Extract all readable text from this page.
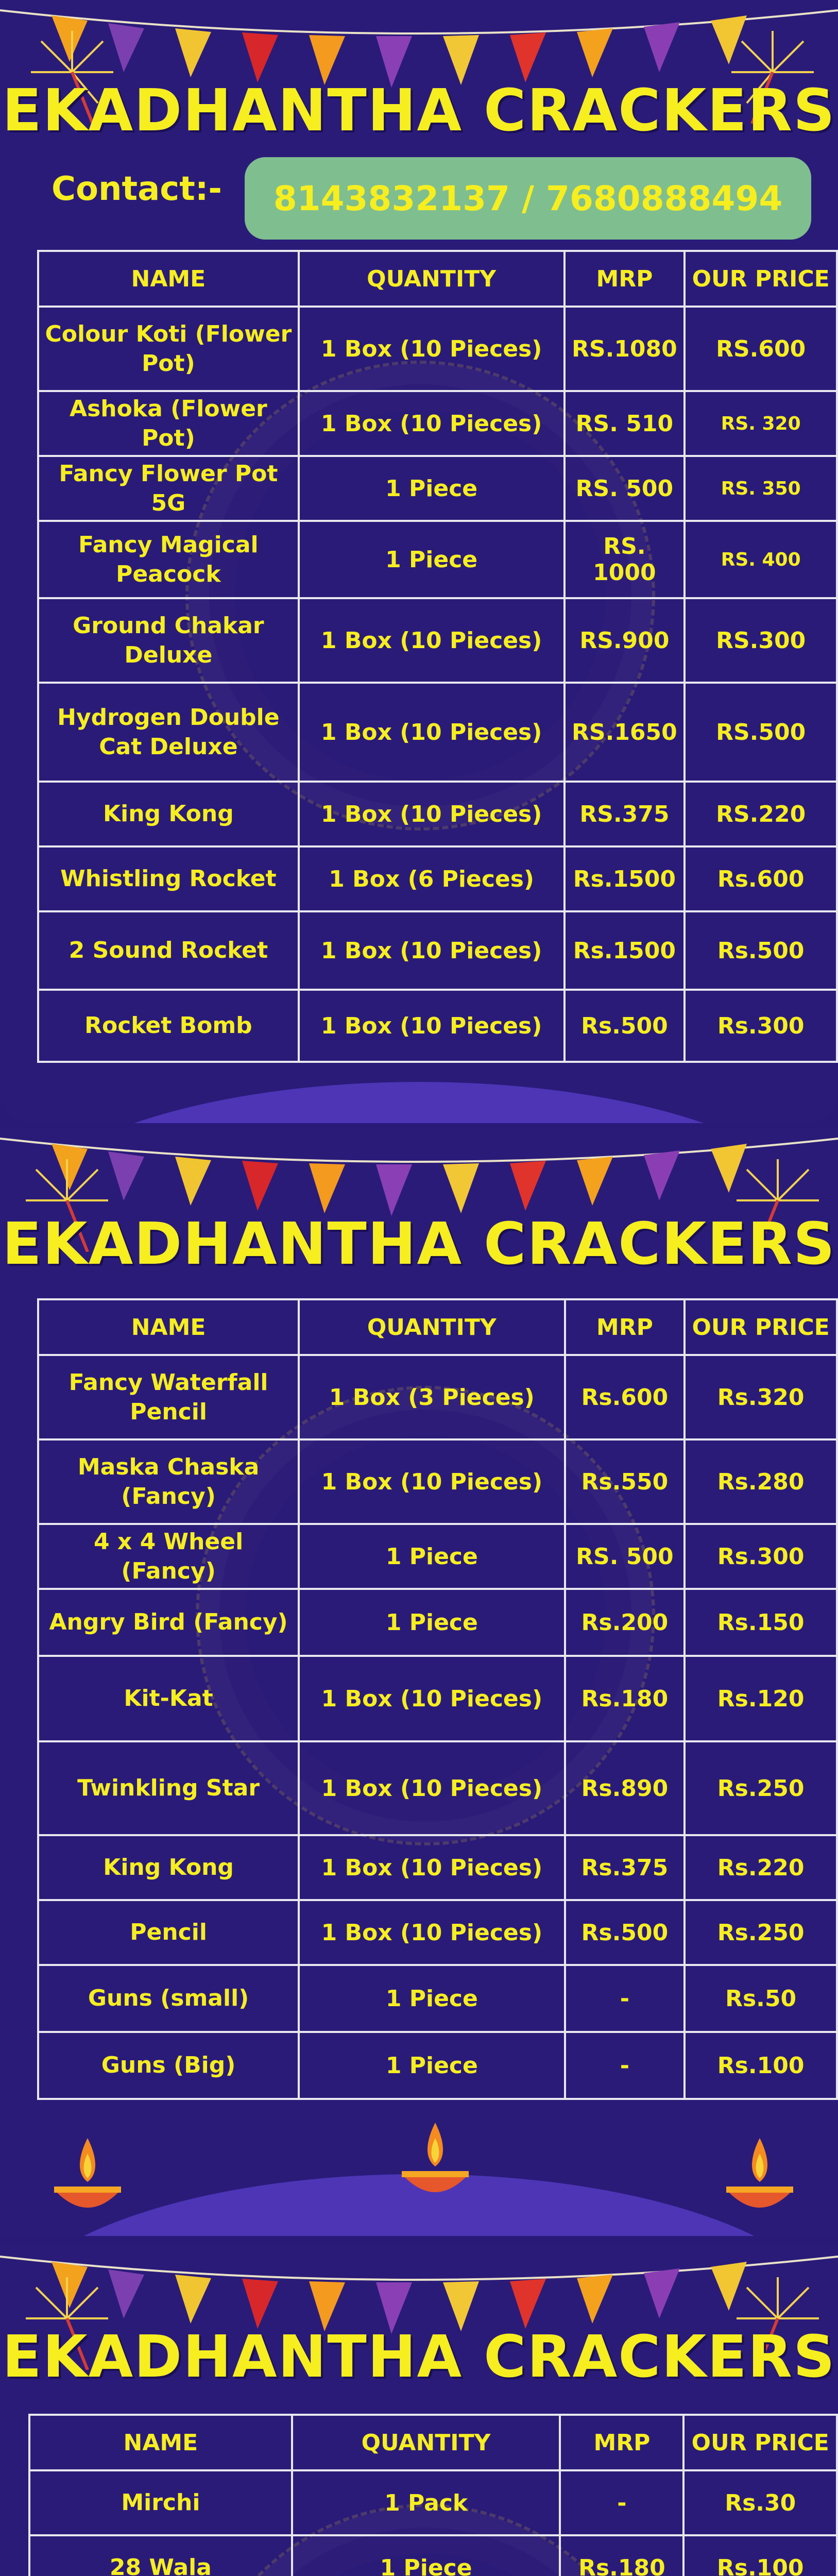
EKADHANTHA CRACKERS
Contact:-	8143832137 / 7680888494
NAME	QUANTITY	MRP	OUR PRICE
Colour Koti (Flower Pot)	1 Box (10 Pieces)	RS.1080	RS.600
Ashoka (Flower Pot)	1 Box (10 Pieces)	RS. 510	RS. 320
Fancy Flower Pot 5G	1 Piece	RS. 500	RS. 350
Fancy Magical Peacock	1 Piece	RS. 1000	RS. 400
Ground Chakar Deluxe	1 Box (10 Pieces)	RS.900	RS.300
Hydrogen Double Cat Deluxe	1 Box (10 Pieces)	RS.1650	RS.500
King Kong	1 Box (10 Pieces)	RS.375	RS.220
Whistling Rocket	1 Box (6 Pieces)	Rs.1500	Rs.600
2 Sound Rocket	1 Box (10 Pieces)	Rs.1500	Rs.500
Rocket Bomb	1 Box (10 Pieces)	Rs.500	Rs.300
EKADHANTHA CRACKERS
NAME	QUANTITY	MRP	OUR PRICE
Fancy Waterfall Pencil	1 Box (3 Pieces)	Rs.600	Rs.320
Maska Chaska (Fancy)	1 Box (10 Pieces)	Rs.550	Rs.280
4 x 4 Wheel (Fancy)	1 Piece	RS. 500	Rs.300
Angry Bird (Fancy)	1 Piece	Rs.200	Rs.150
Kit-Kat	1 Box (10 Pieces)	Rs.180	Rs.120
Twinkling Star	1 Box (10 Pieces)	Rs.890	Rs.250
King Kong	1 Box (10 Pieces)	Rs.375	Rs.220
Pencil	1 Box (10 Pieces)	Rs.500	Rs.250
Guns (small)	1 Piece	-	Rs.50
Guns (Big)	1 Piece	-	Rs.100
EKADHANTHA CRACKERS
NAME	QUANTITY	MRP	OUR PRICE
Mirchi	1 Pack	-	Rs.30
28 Wala	1 Piece	Rs.180	Rs.100
